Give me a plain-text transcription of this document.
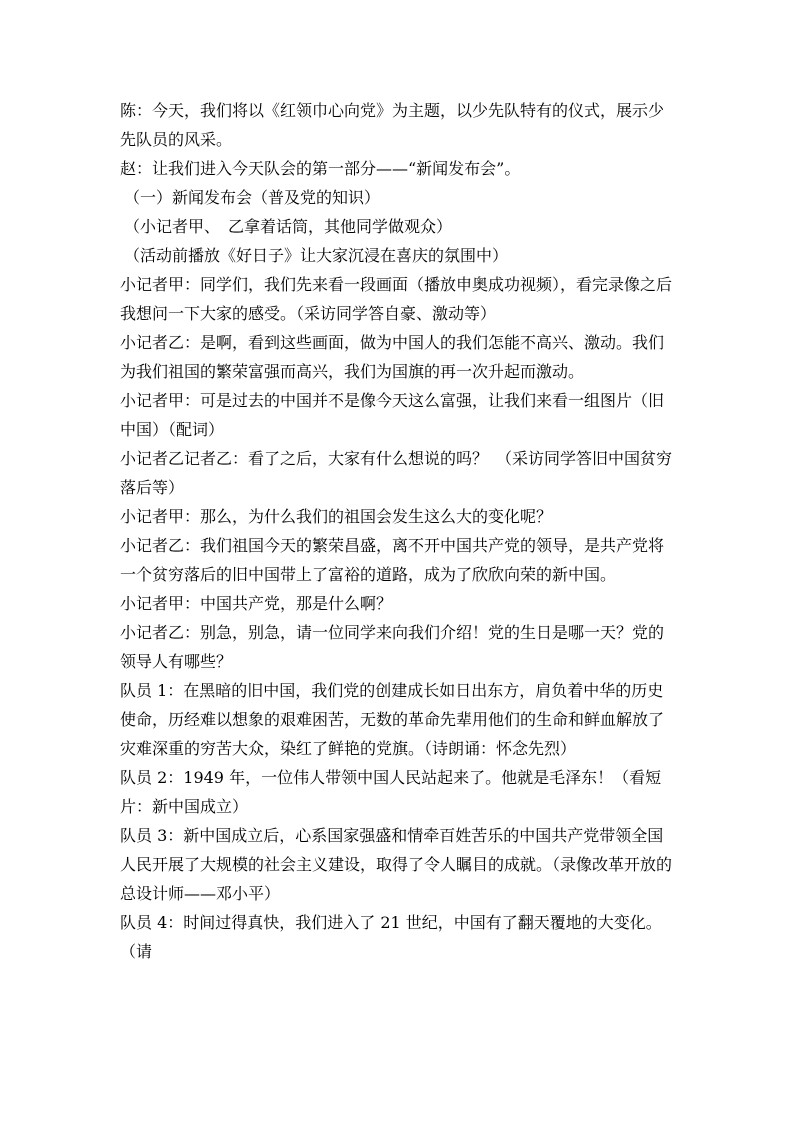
陈：今天，我们将以《红领巾心向党》为主题，以少先队特有的仪式，展示少先队员的风采。

赵：让我们进入今天队会的第一部分——“新闻发布会”。

（一）新闻发布会（普及党的知识）

（小记者甲、　乙拿着话筒，其他同学做观众）

（活动前播放《好日子》让大家沉浸在喜庆的氛围中）

小记者甲：同学们，我们先来看一段画面（播放申奥成功视频），看完录像之后我想问一下大家的感受。（采访同学答自豪、激动等）

小记者乙：是啊，看到这些画面，做为中国人的我们怎能不高兴、激动。我们为我们祖国的繁荣富强而高兴，我们为国旗的再一次升起而激动。

小记者甲：可是过去的中国并不是像今天这么富强，让我们来看一组图片（旧中国）（配词）

小记者乙记者乙：看了之后，大家有什么想说的吗？　（采访同学答旧中国贫穷落后等）

小记者甲：那么，为什么我们的祖国会发生这么大的变化呢？

小记者乙：我们祖国今天的繁荣昌盛，离不开中国共产党的领导，是共产党将一个贫穷落后的旧中国带上了富裕的道路，成为了欣欣向荣的新中国。

小记者甲：中国共产党，那是什么啊？

小记者乙：别急，别急，请一位同学来向我们介绍！党的生日是哪一天？党的领导人有哪些？

队员 1：在黑暗的旧中国，我们党的创建成长如日出东方，肩负着中华的历史使命，历经难以想象的艰难困苦，无数的革命先辈用他们的生命和鲜血解放了灾难深重的穷苦大众，染红了鲜艳的党旗。（诗朗诵：怀念先烈）

队员 2：1949 年，一位伟人带领中国人民站起来了。他就是毛泽东！（看短片：新中国成立）

队员 3：新中国成立后，心系国家强盛和情牵百姓苦乐的中国共产党带领全国人民开展了大规模的社会主义建设，取得了令人瞩目的成就。（录像改革开放的总设计师——邓小平）

队员 4：时间过得真快，我们进入了 21 世纪，中国有了翻天覆地的大变化。（请
